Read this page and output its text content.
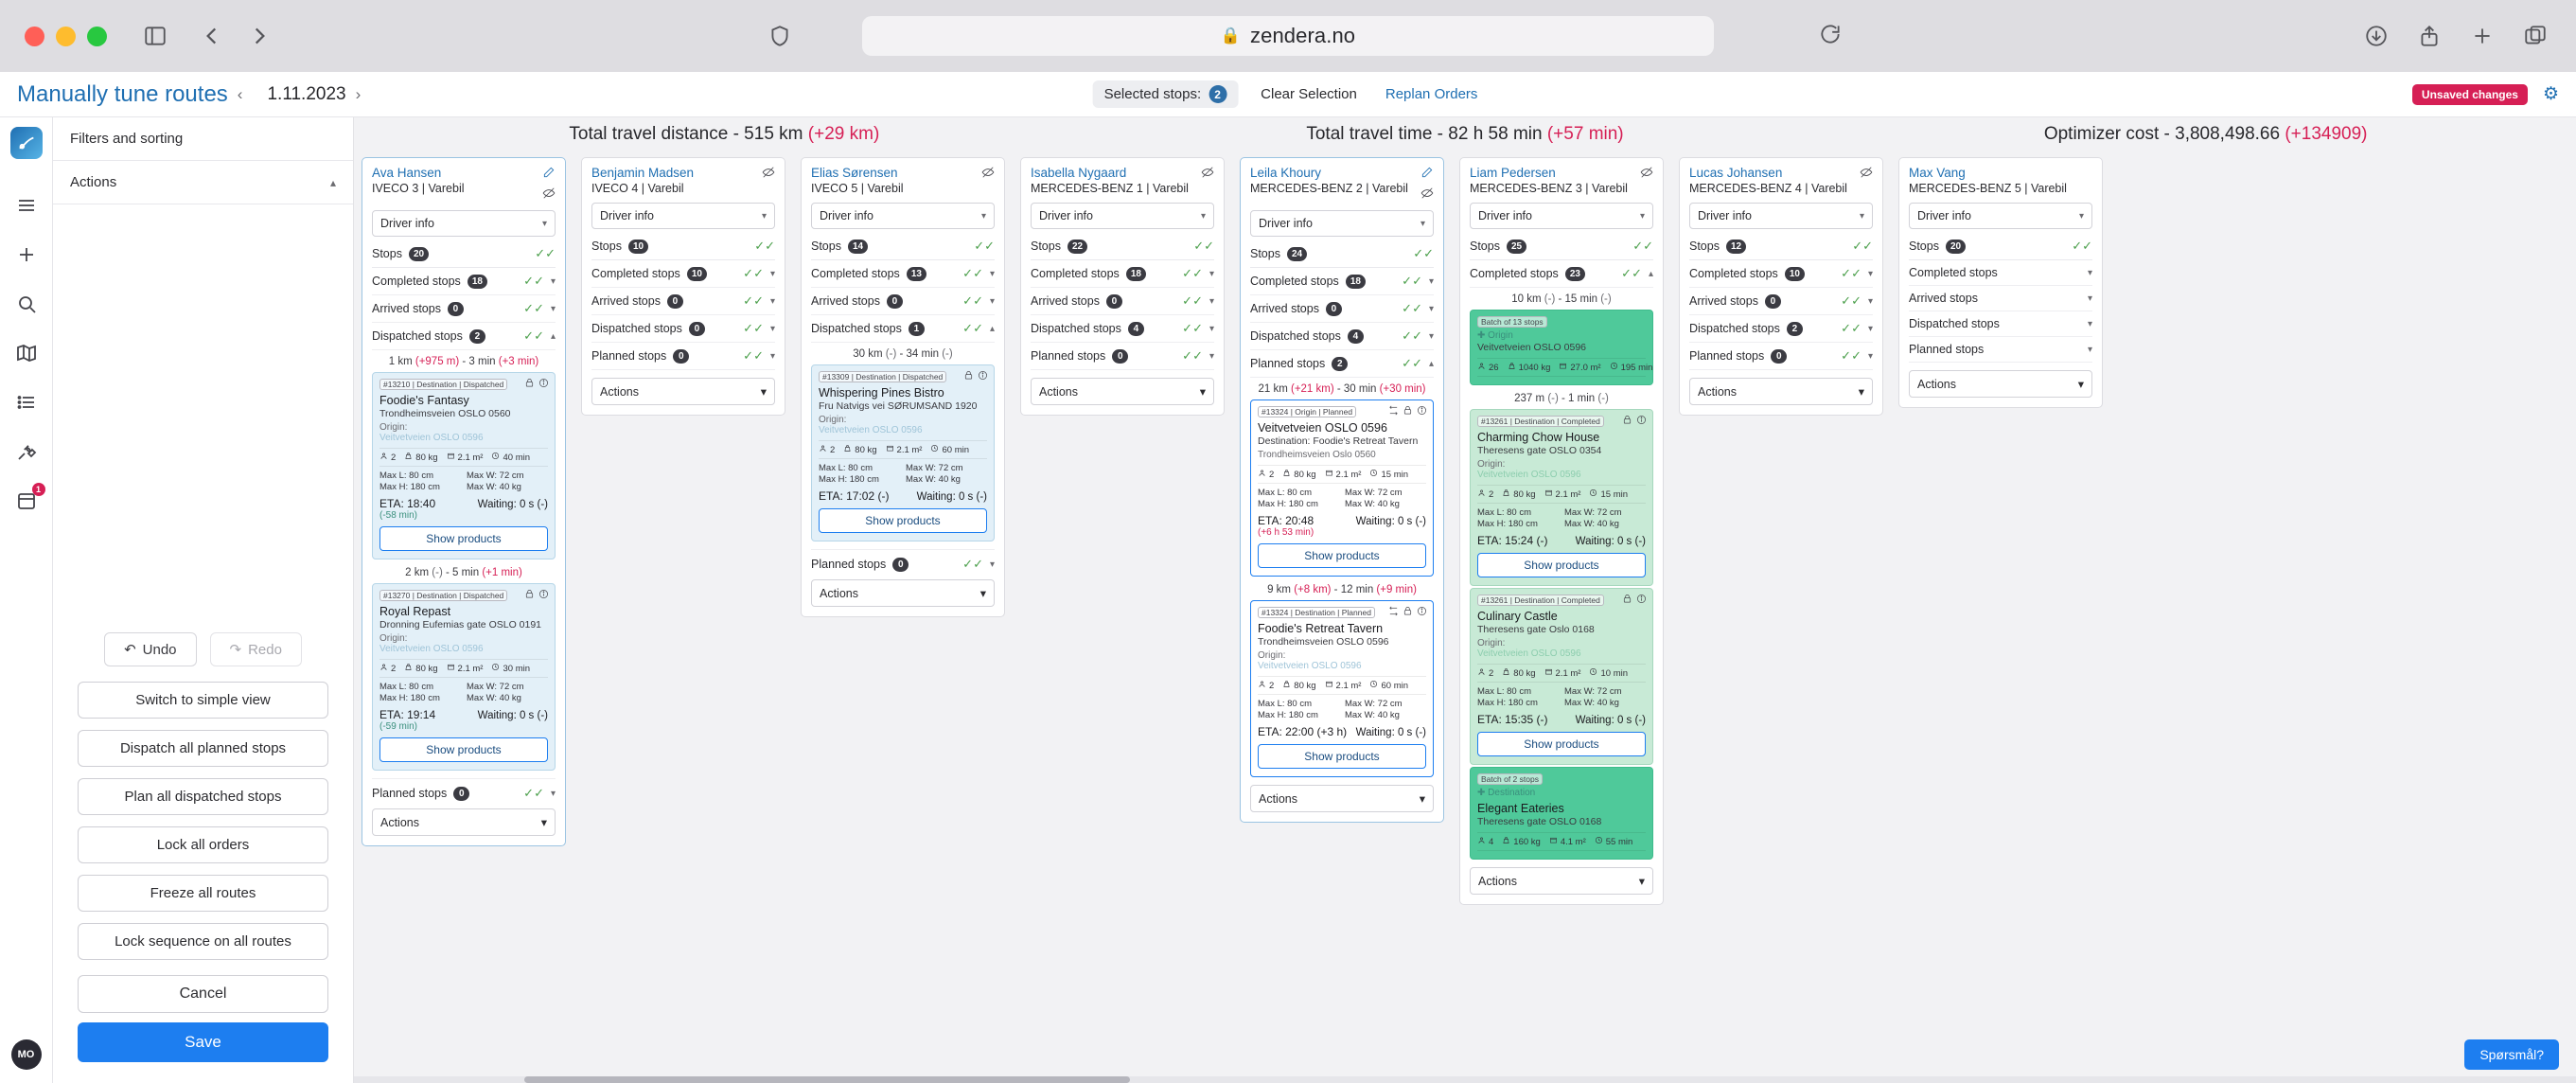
🔒 zendera.no
Manually tune routes ‹ 1.11.2023 ›	Selected stops:	2	Clear Selection	Replan Orders	Unsaved changes	⚙
1
MO
Filters and sorting
Actions	▴
↶ Undo	↷ Redo
Switch to simple view
Dispatch all planned stops
Plan all dispatched stops
Lock all orders
Freeze all routes
Lock sequence on all routes
Cancel
Save
Total travel distance - 515 km (+29 km)	Total travel time - 82 h 58 min (+57 min)	Optimizer cost - 3,808,498.66 (+134909)
Ava Hansen
IVECO 3 | Varebil
Driver info	▾
Stops	20	✓✓
Completed stops	18	✓✓ ▾
Arrived stops	0	✓✓ ▾
Dispatched stops	2	✓✓ ▴
1 km (+975 m) - 3 min (+3 min)
#13210 | Destination | Dispatched
Foodie's Fantasy
Trondheimsveien OSLO 0560
Origin:
Veitvetveien OSLO 0596
2 80 kg 2.1 m² 40 min
Max L: 80 cm	Max W: 72 cm
Max H: 180 cm	Max W: 40 kg
ETA: 18:40	Waiting: 0 s (-)
(-58 min)
Show products
2 km (-) - 5 min (+1 min)
#13270 | Destination | Dispatched
Royal Repast
Dronning Eufemias gate OSLO 0191
Origin:
Veitvetveien OSLO 0596
2 80 kg 2.1 m² 30 min
Max L: 80 cm	Max W: 72 cm
Max H: 180 cm	Max W: 40 kg
ETA: 19:14	Waiting: 0 s (-)
(-59 min)
Show products
Planned stops	0	✓✓ ▾
Actions	▾
Benjamin Madsen
IVECO 4 | Varebil
Driver info	▾
Stops	10	✓✓
Completed stops	10	✓✓ ▾
Arrived stops	0	✓✓ ▾
Dispatched stops	0	✓✓ ▾
Planned stops	0	✓✓ ▾
Actions	▾
Elias Sørensen
IVECO 5 | Varebil
Driver info	▾
Stops	14	✓✓
Completed stops	13	✓✓ ▾
Arrived stops	0	✓✓ ▾
Dispatched stops	1	✓✓ ▴
30 km (-) - 34 min (-)
#13309 | Destination | Dispatched
Whispering Pines Bistro
Fru Natvigs vei SØRUMSAND 1920
Origin:
Veitvetveien OSLO 0596
2 80 kg 2.1 m² 60 min
Max L: 80 cm	Max W: 72 cm
Max H: 180 cm	Max W: 40 kg
ETA: 17:02 (-)	Waiting: 0 s (-)
Show products
Planned stops	0	✓✓ ▾
Actions	▾
Isabella Nygaard
MERCEDES-BENZ 1 | Varebil
Driver info	▾
Stops	22	✓✓
Completed stops	18	✓✓ ▾
Arrived stops	0	✓✓ ▾
Dispatched stops	4	✓✓ ▾
Planned stops	0	✓✓ ▾
Actions	▾
Leila Khoury
MERCEDES-BENZ 2 | Varebil
Driver info	▾
Stops	24	✓✓
Completed stops	18	✓✓ ▾
Arrived stops	0	✓✓ ▾
Dispatched stops	4	✓✓ ▾
Planned stops	2	✓✓ ▴
21 km (+21 km) - 30 min (+30 min)
#13324 | Origin | Planned
Veitvetveien OSLO 0596
Destination: Foodie's Retreat Tavern
Trondheimsveien Oslo 0560
2 80 kg 2.1 m² 15 min
Max L: 80 cm	Max W: 72 cm
Max H: 180 cm	Max W: 40 kg
ETA: 20:48	Waiting: 0 s (-)
(+6 h 53 min)
Show products
9 km (+8 km) - 12 min (+9 min)
#13324 | Destination | Planned
Foodie's Retreat Tavern
Trondheimsveien OSLO 0596
Origin:
Veitvetveien OSLO 0596
2 80 kg 2.1 m² 60 min
Max L: 80 cm	Max W: 72 cm
Max H: 180 cm	Max W: 40 kg
ETA: 22:00 (+3 h) Waiting: 0 s (-)
Show products
Actions	▾
Liam Pedersen
MERCEDES-BENZ 3 | Varebil
Driver info	▾
Stops	25	✓✓
Completed stops	23	✓✓ ▴
10 km (-) - 15 min (-)
Batch of 13 stops
✚ Origin
Veitvetveien OSLO 0596
26 1040 kg 27.0 m² 195 min
237 m (-) - 1 min (-)
#13261 | Destination | Completed
Charming Chow House
Theresens gate OSLO 0354
Origin:
Veitvetveien OSLO 0596
2 80 kg 2.1 m² 15 min
Max L: 80 cm	Max W: 72 cm
Max H: 180 cm	Max W: 40 kg
ETA: 15:24 (-)	Waiting: 0 s (-)
Show products
#13261 | Destination | Completed
Culinary Castle
Theresens gate Oslo 0168
Origin:
Veitvetveien OSLO 0596
2 80 kg 2.1 m² 10 min
Max L: 80 cm	Max W: 72 cm
Max H: 180 cm	Max W: 40 kg
ETA: 15:35 (-)	Waiting: 0 s (-)
Show products
Batch of 2 stops
✚ Destination
Elegant Eateries
Theresens gate OSLO 0168
4 160 kg 4.1 m² 55 min
Actions	▾
Lucas Johansen
MERCEDES-BENZ 4 | Varebil
Driver info	▾
Stops	12	✓✓
Completed stops	10	✓✓ ▾
Arrived stops	0	✓✓ ▾
Dispatched stops	2	✓✓ ▾
Planned stops	0	✓✓ ▾
Actions	▾
Max Vang
MERCEDES-BENZ 5 | Varebil
Driver info	▾
Stops	20	✓✓
Completed stops	▾
Arrived stops	▾
Dispatched stops	▾
Planned stops	▾
Actions	▾
Spørsmål?
